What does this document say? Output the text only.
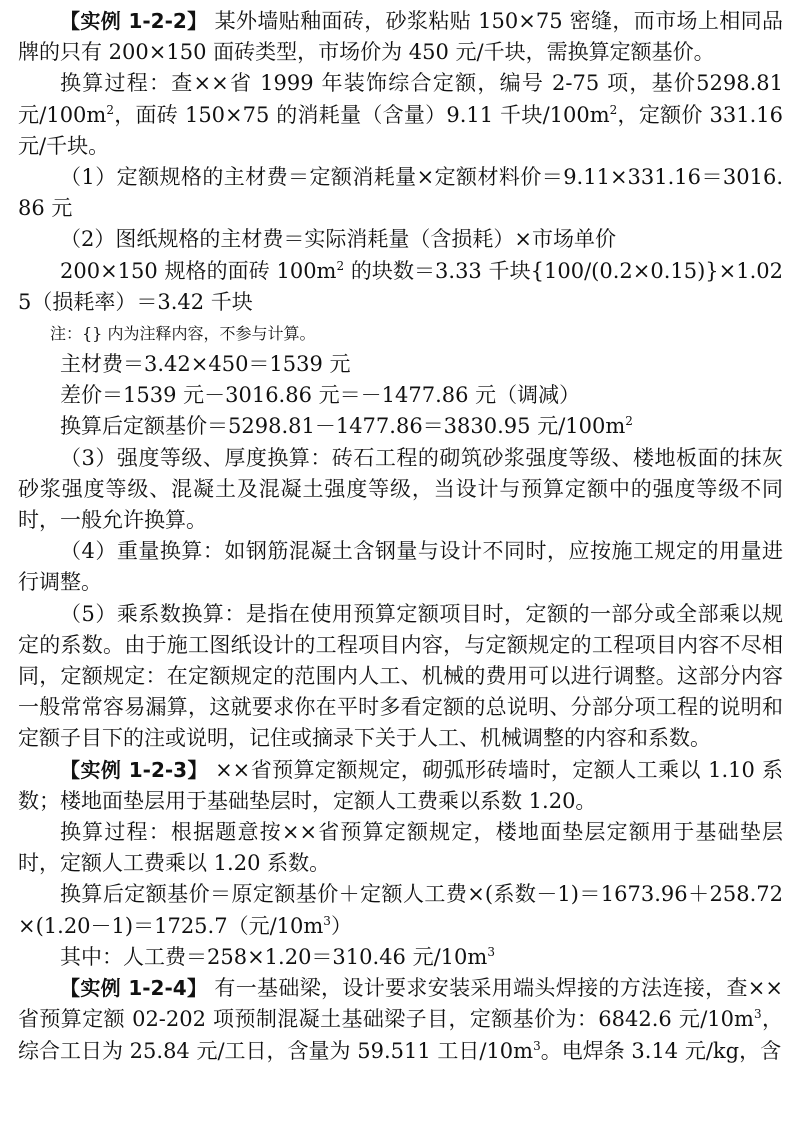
【实例 1-2-2】 某外墙贴釉面砖，砂浆粘贴 150×75 密缝，而市场上相同品牌的只有 200×150 面砖类型，市场价为 450 元/千块，需换算定额基价。

换算过程：查××省 1999 年装饰综合定额，编号 2-75 项，基价5298.81 元$/100m^2$，面砖 150×75 的消耗量（含量）9.11 千块$/100m^2$，定额价 331.16 元/千块。

（1）定额规格的主材费＝定额消耗量×定额材料价＝9.11×331.16＝3016.86 元

（2）图纸规格的主材费＝实际消耗量（含损耗）×市场单价

200×150 规格的面砖 $100m^2$ 的块数＝3.33 千块{100/(0.2×0.15)}×1.025（损耗率）＝3.42 千块

注：{} 内为注释内容，不参与计算。

主材费＝3.42×450＝1539 元

差价＝1539 元－3016.86 元＝－1477.86 元（调减）

换算后定额基价＝5298.81－1477.86＝3830.95 元$/100m^2$

（3）强度等级、厚度换算：砖石工程的砌筑砂浆强度等级、楼地板面的抹灰砂浆强度等级、混凝土及混凝土强度等级，当设计与预算定额中的强度等级不同时，一般允许换算。

（4）重量换算：如钢筋混凝土含钢量与设计不同时，应按施工规定的用量进行调整。

（5）乘系数换算：是指在使用预算定额项目时，定额的一部分或全部乘以规定的系数。由于施工图纸设计的工程项目内容，与定额规定的工程项目内容不尽相同，定额规定：在定额规定的范围内人工、机械的费用可以进行调整。这部分内容一般常常容易漏算，这就要求你在平时多看定额的总说明、分部分项工程的说明和定额子目下的注或说明，记住或摘录下关于人工、机械调整的内容和系数。

【实例 1-2-3】 ××省预算定额规定，砌弧形砖墙时，定额人工乘以 1.10 系数；楼地面垫层用于基础垫层时，定额人工费乘以系数 1.20。

换算过程：根据题意按××省预算定额规定，楼地面垫层定额用于基础垫层时，定额人工费乘以 1.20 系数。

换算后定额基价＝原定额基价＋定额人工费×(系数－1)＝1673.96＋258.72 ×(1.20－1)＝1725.7（元$/10m^3$）

其中：人工费＝258×1.20＝310.46 元$/10m^3$

【实例 1-2-4】 有一基础梁，设计要求安装采用端头焊接的方法连接，查××省预算定额 02-202 项预制混凝土基础梁子目，定额基价为：6842.6 元$/10m^3$，综合工日为 25.84 元/工日，含量为 59.511 工日$/10m^3$。电焊条 3.14 元/kg，含
